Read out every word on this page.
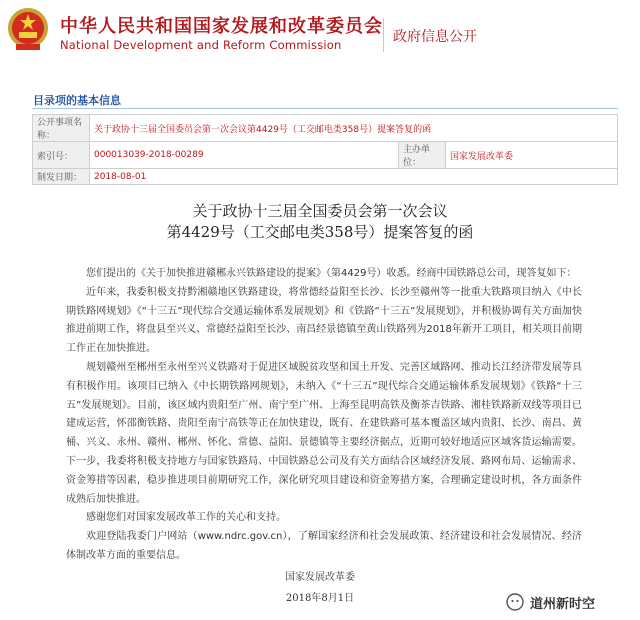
中华人民共和国国家发展和改革委员会
National Development and Reform Commission	政府信息公开
目录项的基本信息
公开事项名称：	关于政协十三届全国委员会第一次会议第4429号（工交邮电类358号）提案答复的函		
索引号：	000013039-2018-00289	主办单位：	国家发展改革委
制发日期：	2018-08-01		
关于政协十三届全国委员会第一次会议
第4429号（工交邮电类358号）提案答复的函

您们提出的《关于加快推进赣郴永兴铁路建设的提案》（第4429号）收悉。经商中国铁路总公司，现答复如下：

近年来，我委积极支持黔湘赣地区铁路建设，将常德经益阳至长沙、长沙至赣州等一批重大铁路项目纳入《中长期铁路网规划》《“十三五”现代综合交通运输体系发展规划》和《铁路“十三五”发展规划》，并积极协调有关方面加快推进前期工作，将盘县至兴义、常德经益阳至长沙、南昌经景德镇至黄山铁路列为2018年新开工项目，相关项目前期工作正在加快推进。

规划赣州至郴州至永州至兴义铁路对于促进区域脱贫攻坚和国土开发、完善区域路网、推动长江经济带发展等具有积极作用。该项目已纳入《中长期铁路网规划》，未纳入《“十三五”现代综合交通运输体系发展规划》《铁路“十三五”发展规划》。目前，该区域内贵阳至广州、南宁至广州、上海至昆明高铁及衡茶吉铁路、湘桂铁路新双线等项目已建成运营，怀邵衡铁路、贵阳至南宁高铁等正在加快建设，既有、在建铁路可基本覆盖区域内贵阳、长沙、南昌、黄桶、兴义、永州、赣州、郴州、怀化、常德、益阳、景德镇等主要经济据点，近期可较好地适应区域客货运输需要。下一步，我委将积极支持地方与国家铁路局、中国铁路总公司及有关方面结合区域经济发展、路网布局、运输需求、资金筹措等因素，稳步推进项目前期研究工作，深化研究项目建设和资金筹措方案，合理确定建设时机，各方面条件成熟后加快推进。

感谢您们对国家发展改革工作的关心和支持。

欢迎登陆我委门户网站（www.ndrc.gov.cn），了解国家经济和社会发展政策、经济建设和社会发展情况、经济体制改革方面的重要信息。

国家发展改革委
2018年8月1日	道州新时空
